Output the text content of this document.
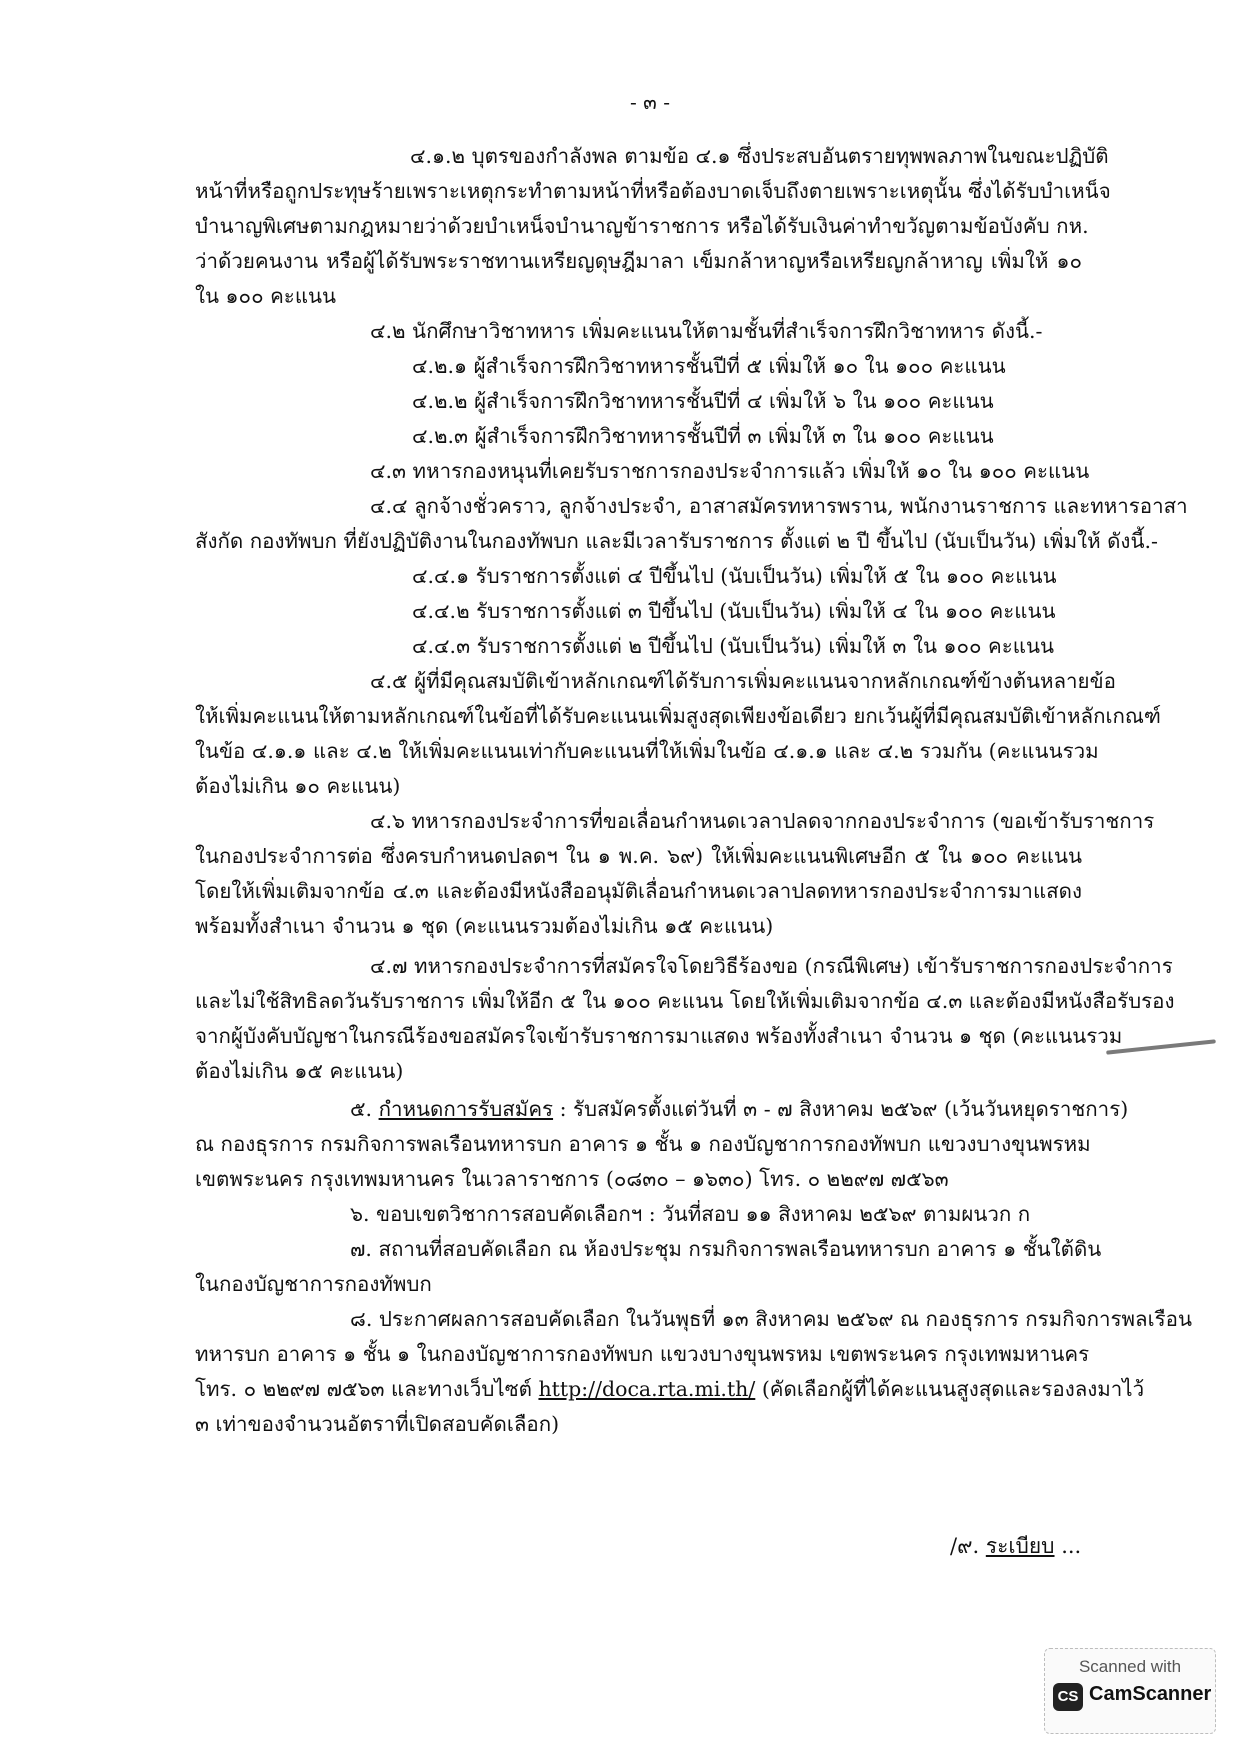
- ๓ -
๔.๑.๒ บุตรของกำลังพล ตามข้อ ๔.๑ ซึ่งประสบอันตรายทุพพลภาพในขณะปฏิบัติ
หน้าที่หรือถูกประทุษร้ายเพราะเหตุกระทำตามหน้าที่หรือต้องบาดเจ็บถึงตายเพราะเหตุนั้น ซึ่งได้รับบำเหน็จ
บำนาญพิเศษตามกฎหมายว่าด้วยบำเหน็จบำนาญข้าราชการ หรือได้รับเงินค่าทำขวัญตามข้อบังคับ กห.
ว่าด้วยคนงาน หรือผู้ได้รับพระราชทานเหรียญดุษฎีมาลา เข็มกล้าหาญหรือเหรียญกล้าหาญ เพิ่มให้ ๑๐
ใน ๑๐๐ คะแนน
๔.๒ นักศึกษาวิชาทหาร เพิ่มคะแนนให้ตามชั้นที่สำเร็จการฝึกวิชาทหาร ดังนี้.-
๔.๒.๑ ผู้สำเร็จการฝึกวิชาทหารชั้นปีที่ ๕ เพิ่มให้ ๑๐ ใน ๑๐๐ คะแนน
๔.๒.๒ ผู้สำเร็จการฝึกวิชาทหารชั้นปีที่ ๔ เพิ่มให้ ๖ ใน ๑๐๐ คะแนน
๔.๒.๓ ผู้สำเร็จการฝึกวิชาทหารชั้นปีที่ ๓ เพิ่มให้ ๓ ใน ๑๐๐ คะแนน
๔.๓ ทหารกองหนุนที่เคยรับราชการกองประจำการแล้ว เพิ่มให้ ๑๐ ใน ๑๐๐ คะแนน
๔.๔ ลูกจ้างชั่วคราว, ลูกจ้างประจำ, อาสาสมัครทหารพราน, พนักงานราชการ และทหารอาสา
สังกัด กองทัพบก ที่ยังปฏิบัติงานในกองทัพบก และมีเวลารับราชการ ตั้งแต่ ๒ ปี ขึ้นไป (นับเป็นวัน) เพิ่มให้ ดังนี้.-
๔.๔.๑ รับราชการตั้งแต่ ๔ ปีขึ้นไป (นับเป็นวัน) เพิ่มให้ ๕ ใน ๑๐๐ คะแนน
๔.๔.๒ รับราชการตั้งแต่ ๓ ปีขึ้นไป (นับเป็นวัน) เพิ่มให้ ๔ ใน ๑๐๐ คะแนน
๔.๔.๓ รับราชการตั้งแต่ ๒ ปีขึ้นไป (นับเป็นวัน) เพิ่มให้ ๓ ใน ๑๐๐ คะแนน
๔.๕ ผู้ที่มีคุณสมบัติเข้าหลักเกณฑ์ได้รับการเพิ่มคะแนนจากหลักเกณฑ์ข้างต้นหลายข้อ
ให้เพิ่มคะแนนให้ตามหลักเกณฑ์ในข้อที่ได้รับคะแนนเพิ่มสูงสุดเพียงข้อเดียว ยกเว้นผู้ที่มีคุณสมบัติเข้าหลักเกณฑ์
ในข้อ ๔.๑.๑ และ ๔.๒ ให้เพิ่มคะแนนเท่ากับคะแนนที่ให้เพิ่มในข้อ ๔.๑.๑ และ ๔.๒ รวมกัน (คะแนนรวม
ต้องไม่เกิน ๑๐ คะแนน)
๔.๖ ทหารกองประจำการที่ขอเลื่อนกำหนดเวลาปลดจากกองประจำการ (ขอเข้ารับราชการ
ในกองประจำการต่อ ซึ่งครบกำหนดปลดฯ ใน ๑ พ.ค. ๖๙) ให้เพิ่มคะแนนพิเศษอีก ๕ ใน ๑๐๐ คะแนน
โดยให้เพิ่มเติมจากข้อ ๔.๓ และต้องมีหนังสืออนุมัติเลื่อนกำหนดเวลาปลดทหารกองประจำการมาแสดง
พร้อมทั้งสำเนา จำนวน ๑ ชุด (คะแนนรวมต้องไม่เกิน ๑๕ คะแนน)
๔.๗ ทหารกองประจำการที่สมัครใจโดยวิธีร้องขอ (กรณีพิเศษ) เข้ารับราชการกองประจำการ
และไม่ใช้สิทธิลดวันรับราชการ เพิ่มให้อีก ๕ ใน ๑๐๐ คะแนน โดยให้เพิ่มเติมจากข้อ ๔.๓ และต้องมีหนังสือรับรอง
จากผู้บังคับบัญชาในกรณีร้องขอสมัครใจเข้ารับราชการมาแสดง พร้องทั้งสำเนา จำนวน ๑ ชุด (คะแนนรวม
ต้องไม่เกิน ๑๕ คะแนน)
๕. กำหนดการรับสมัคร : รับสมัครตั้งแต่วันที่ ๓ - ๗ สิงหาคม ๒๕๖๙ (เว้นวันหยุดราชการ)
ณ กองธุรการ กรมกิจการพลเรือนทหารบก อาคาร ๑ ชั้น ๑ กองบัญชาการกองทัพบก แขวงบางขุนพรหม
เขตพระนคร กรุงเทพมหานคร ในเวลาราชการ (๐๘๓๐ – ๑๖๓๐) โทร. ๐ ๒๒๙๗ ๗๕๖๓
๖. ขอบเขตวิชาการสอบคัดเลือกฯ : วันที่สอบ ๑๑ สิงหาคม ๒๕๖๙ ตามผนวก ก
๗. สถานที่สอบคัดเลือก ณ ห้องประชุม กรมกิจการพลเรือนทหารบก อาคาร ๑ ชั้นใต้ดิน
ในกองบัญชาการกองทัพบก
๘. ประกาศผลการสอบคัดเลือก ในวันพุธที่ ๑๓ สิงหาคม ๒๕๖๙ ณ กองธุรการ กรมกิจการพลเรือน
ทหารบก อาคาร ๑ ชั้น ๑ ในกองบัญชาการกองทัพบก แขวงบางขุนพรหม เขตพระนคร กรุงเทพมหานคร
โทร. ๐ ๒๒๙๗ ๗๕๖๓ และทางเว็บไซต์ http://doca.rta.mi.th/ (คัดเลือกผู้ที่ได้คะแนนสูงสุดและรองลงมาไว้
๓ เท่าของจำนวนอัตราที่เปิดสอบคัดเลือก)
/๙. ระเบียบ ...
Scanned with
CS CamScanner
